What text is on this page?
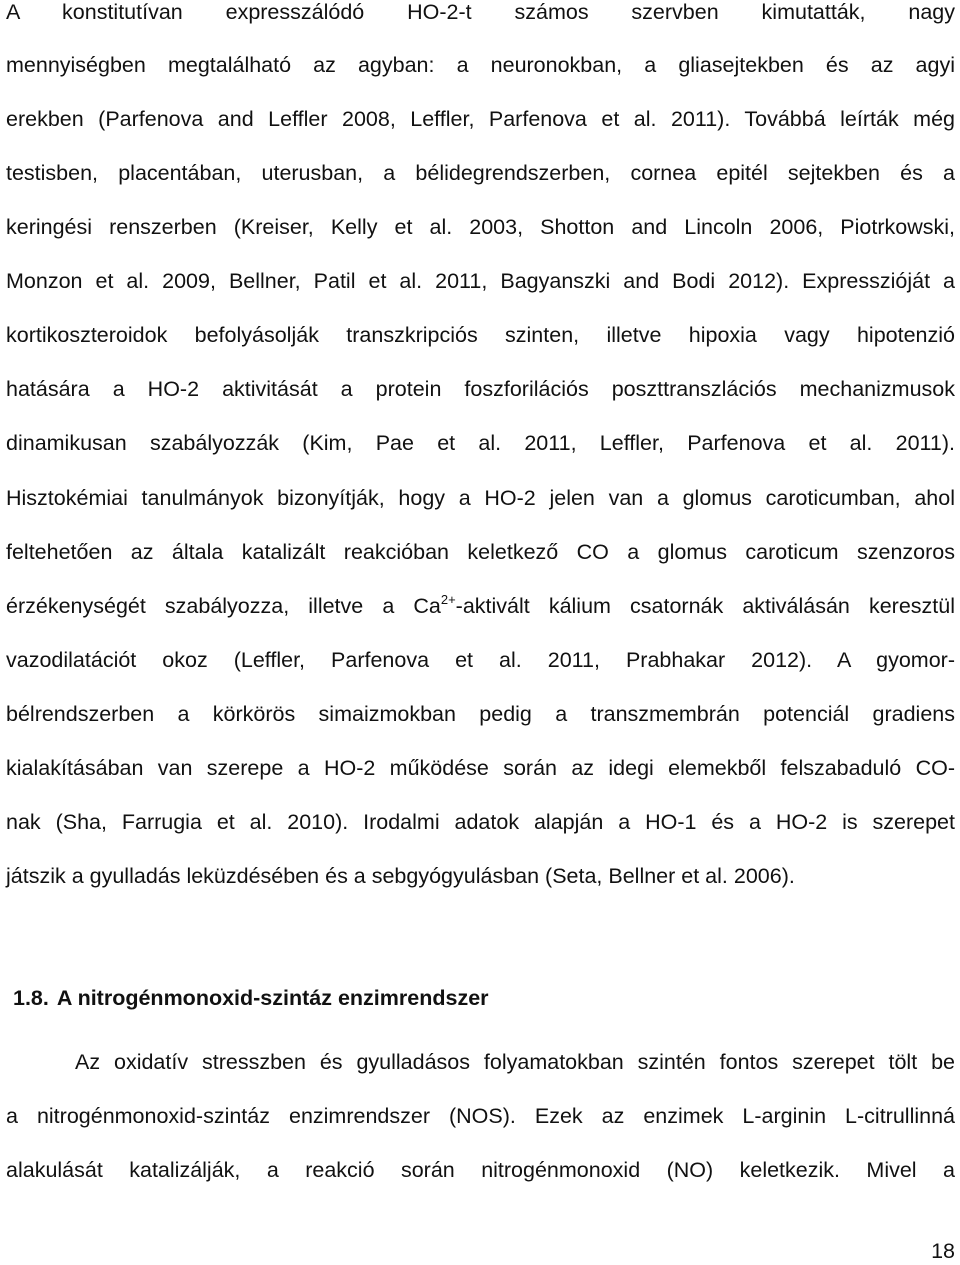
A konstitutívan expresszálódó HO-2-t számos szervben kimutatták, nagy
mennyiségben megtalálható az agyban: a neuronokban, a gliasejtekben és az agyi
erekben (Parfenova and Leffler 2008, Leffler, Parfenova et al. 2011). Továbbá leírták még
testisben, placentában, uterusban, a bélidegrendszerben, cornea epitél sejtekben és a
keringési renszerben (Kreiser, Kelly et al. 2003, Shotton and Lincoln 2006, Piotrkowski,
Monzon et al. 2009, Bellner, Patil et al. 2011, Bagyanszki and Bodi 2012). Expresszióját a
kortikoszteroidok befolyásolják transzkripciós szinten, illetve hipoxia vagy hipotenzió
hatására a HO-2 aktivitását a protein foszforilációs poszttranszlációs mechanizmusok
dinamikusan szabályozzák (Kim, Pae et al. 2011, Leffler, Parfenova et al. 2011).
Hisztokémiai tanulmányok bizonyítják, hogy a HO-2 jelen van a glomus caroticumban, ahol
feltehetően az általa katalizált reakcióban keletkező CO a glomus caroticum szenzoros
érzékenységét szabályozza, illetve a $Ca^{2+}$-aktivált kálium csatornák aktiválásán keresztül
vazodilatációt okoz (Leffler, Parfenova et al. 2011, Prabhakar 2012). A gyomor-
bélrendszerben a körkörös simaizmokban pedig a transzmembrán potenciál gradiens
kialakításában van szerepe a HO-2 működése során az idegi elemekből felszabaduló CO-
nak (Sha, Farrugia et al. 2010). Irodalmi adatok alapján a HO-1 és a HO-2 is szerepet
játszik a gyulladás leküzdésében és a sebgyógyulásban (Seta, Bellner et al. 2006).
1.8. A nitrogénmonoxid-szintáz enzimrendszer
Az oxidatív stresszben és gyulladásos folyamatokban szintén fontos szerepet tölt be
a nitrogénmonoxid-szintáz enzimrendszer (NOS). Ezek az enzimek L-arginin L-citrullinná
alakulását katalizálják, a reakció során nitrogénmonoxid (NO) keletkezik. Mivel a
18
